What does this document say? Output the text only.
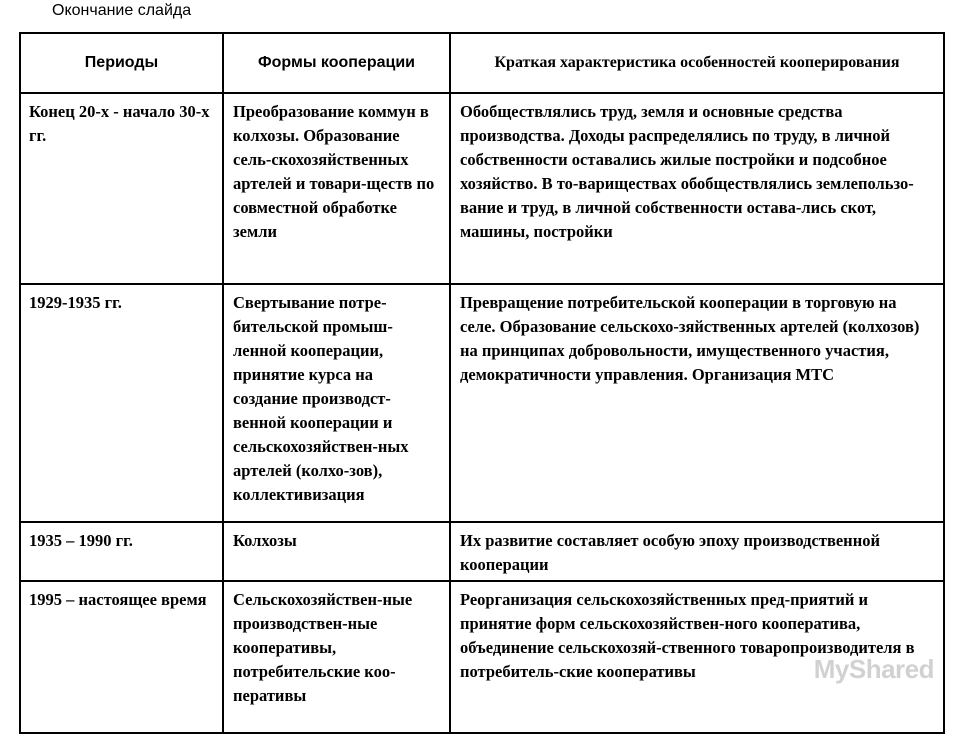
Окончание слайда
Периоды	Формы кооперации	Краткая характеристика особенностей кооперирования
Конец 20-х - начало 30-х гг.	Преобразование коммун в колхозы. Образование сель-скохозяйственных артелей и товари-ществ по совместной обработке земли	Обобществлялись труд, земля и основные средства производства. Доходы распределялись по труду, в личной собственности оставались жилые постройки и подсобное хозяйство. В то-вариществах обобществлялись землепользо-вание и труд, в личной собственности остава-лись скот, машины, постройки
1929-1935 гг.	Свертывание потре-бительской промыш-ленной кооперации, принятие курса на создание производст-венной кооперации и сельскохозяйствен-ных артелей (колхо-зов), коллективизация	Превращение потребительской кооперации в торговую на селе. Образование сельскохо-зяйственных артелей (колхозов) на принципах добровольности, имущественного участия, демократичности управления. Организация МТС
1935 – 1990 гг.	Колхозы	Их развитие составляет особую эпоху производственной кооперации
1995 – настоящее время	Сельскохозяйствен-ные производствен-ные кооперативы, потребительские коо-перативы	Реорганизация сельскохозяйственных пред-приятий и принятие форм сельскохозяйствен-ного кооператива, объединение сельскохозяй-ственного товаропроизводителя в потребитель-ские кооперативы	MyShared
